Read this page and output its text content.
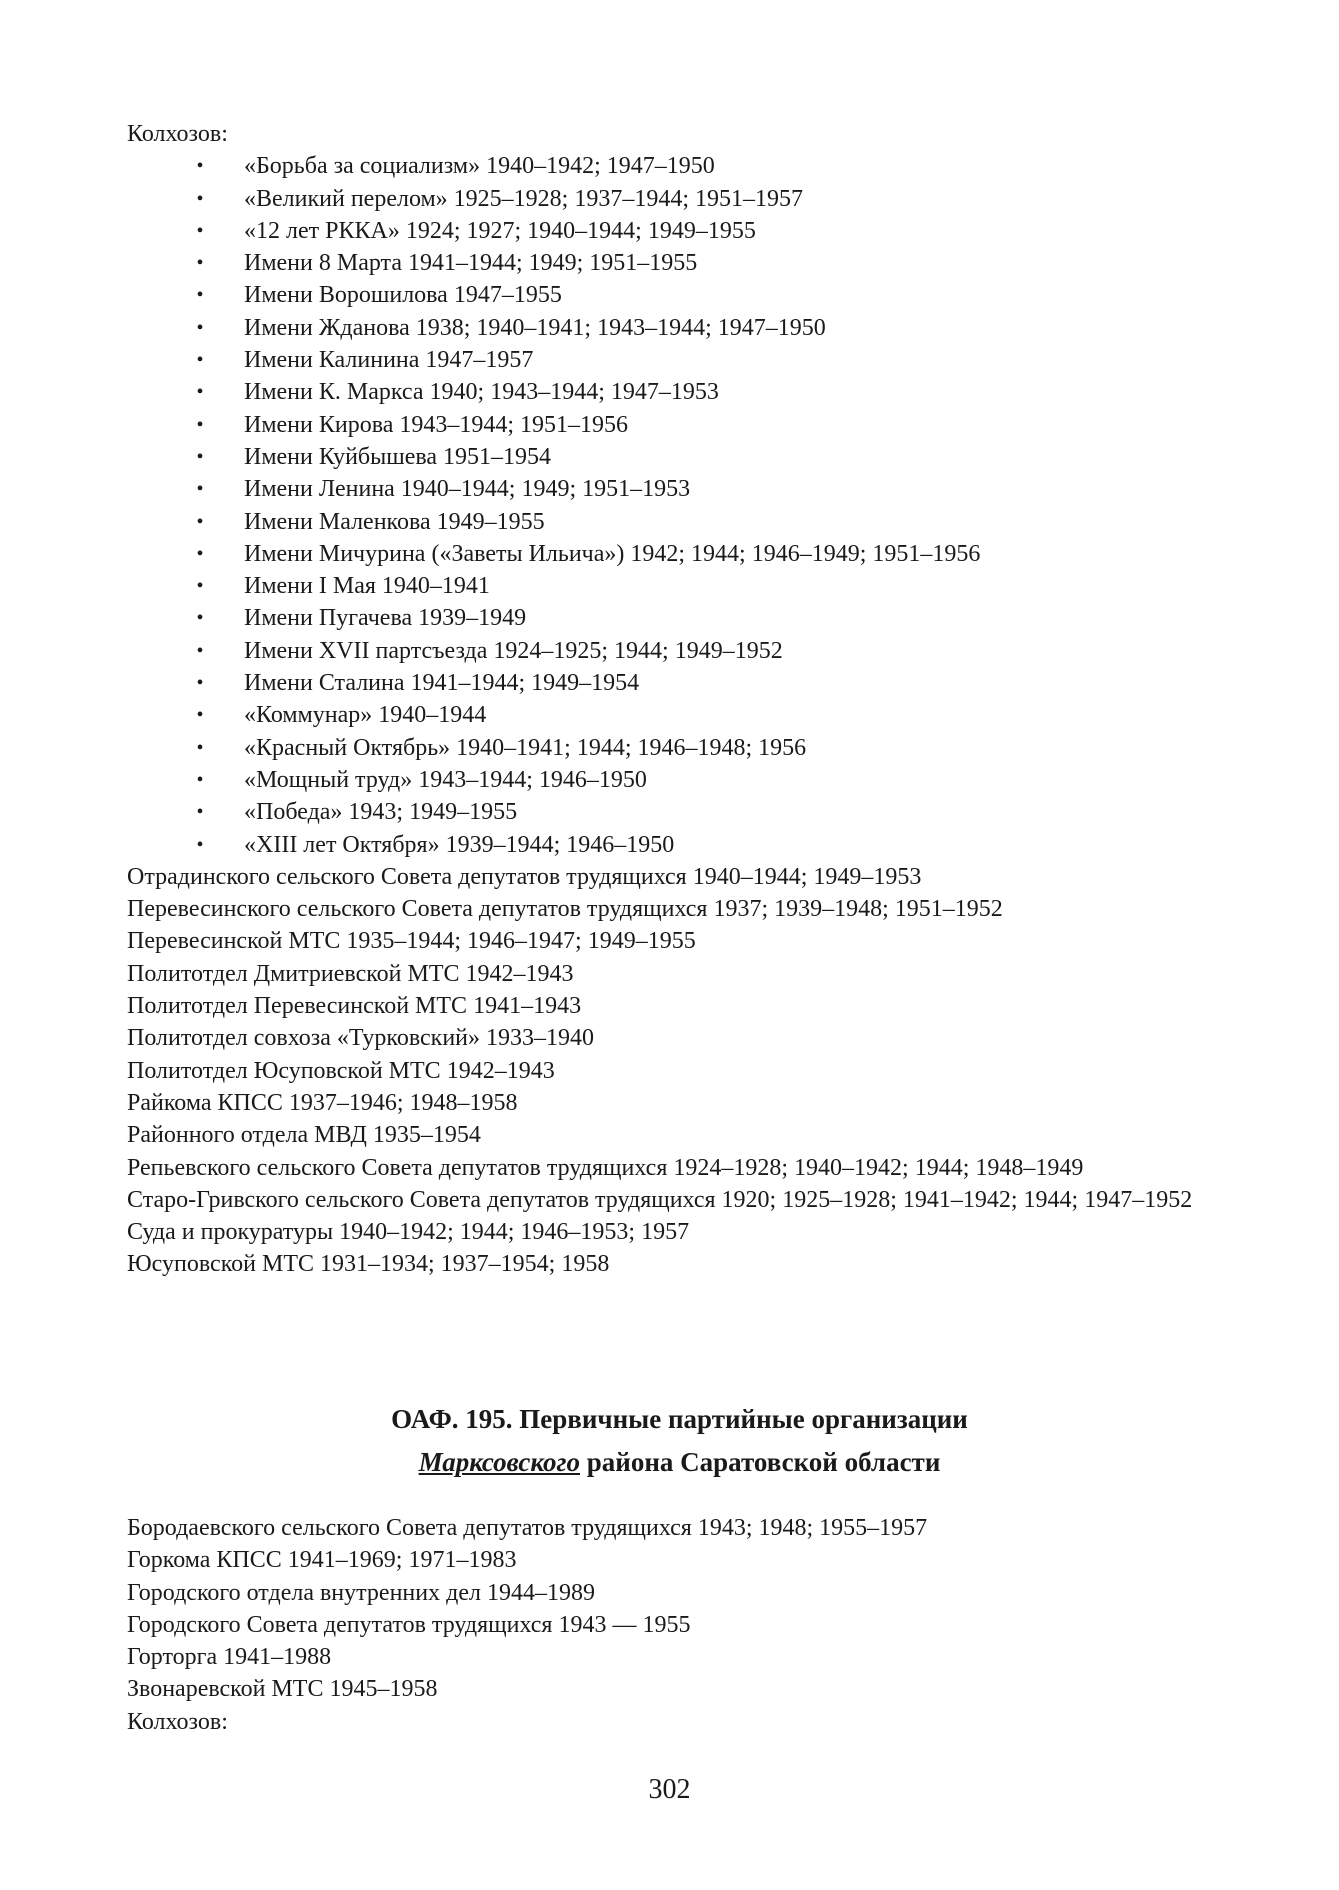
Колхозов:
• «Борьба за социализм» 1940–1942; 1947–1950
• «Великий перелом» 1925–1928; 1937–1944; 1951–1957
• «12 лет РККА» 1924; 1927; 1940–1944; 1949–1955
• Имени 8 Марта 1941–1944; 1949; 1951–1955
• Имени Ворошилова 1947–1955
• Имени Жданова 1938; 1940–1941; 1943–1944; 1947–1950
• Имени Калинина 1947–1957
• Имени К. Маркса 1940; 1943–1944; 1947–1953
• Имени Кирова 1943–1944; 1951–1956
• Имени Куйбышева 1951–1954
• Имени Ленина 1940–1944; 1949; 1951–1953
• Имени Маленкова 1949–1955
• Имени Мичурина («Заветы Ильича») 1942; 1944; 1946–1949; 1951–1956
• Имени I Мая 1940–1941
• Имени Пугачева 1939–1949
• Имени XVII партсъезда 1924–1925; 1944; 1949–1952
• Имени Сталина 1941–1944; 1949–1954
• «Коммунар» 1940–1944
• «Красный Октябрь» 1940–1941; 1944; 1946–1948; 1956
• «Мощный труд» 1943–1944; 1946–1950
• «Победа» 1943; 1949–1955
• «XIII лет Октября» 1939–1944; 1946–1950
Отрадинского сельского Совета депутатов трудящихся 1940–1944; 1949–1953
Перевесинского сельского Совета депутатов трудящихся 1937; 1939–1948; 1951–1952
Перевесинской МТС 1935–1944; 1946–1947; 1949–1955
Политотдел Дмитриевской МТС 1942–1943
Политотдел Перевесинской МТС 1941–1943
Политотдел совхоза «Турковский» 1933–1940
Политотдел Юсуповской МТС 1942–1943
Райкома КПСС 1937–1946; 1948–1958
Районного отдела МВД 1935–1954
Репьевского сельского Совета депутатов трудящихся 1924–1928; 1940–1942; 1944; 1948–1949
Старо-Гривского сельского Совета депутатов трудящихся 1920; 1925–1928; 1941–1942; 1944; 1947–1952
Суда и прокуратуры 1940–1942; 1944; 1946–1953; 1957
Юсуповской МТС 1931–1934; 1937–1954; 1958
ОАФ. 195. Первичные партийные организации
Марксовского района Саратовской области
Бородаевского сельского Совета депутатов трудящихся 1943; 1948; 1955–1957
Горкома КПСС 1941–1969; 1971–1983
Городского отдела внутренних дел 1944–1989
Городского Совета депутатов трудящихся 1943 — 1955
Горторга 1941–1988
Звонаревской МТС 1945–1958
Колхозов:
302
